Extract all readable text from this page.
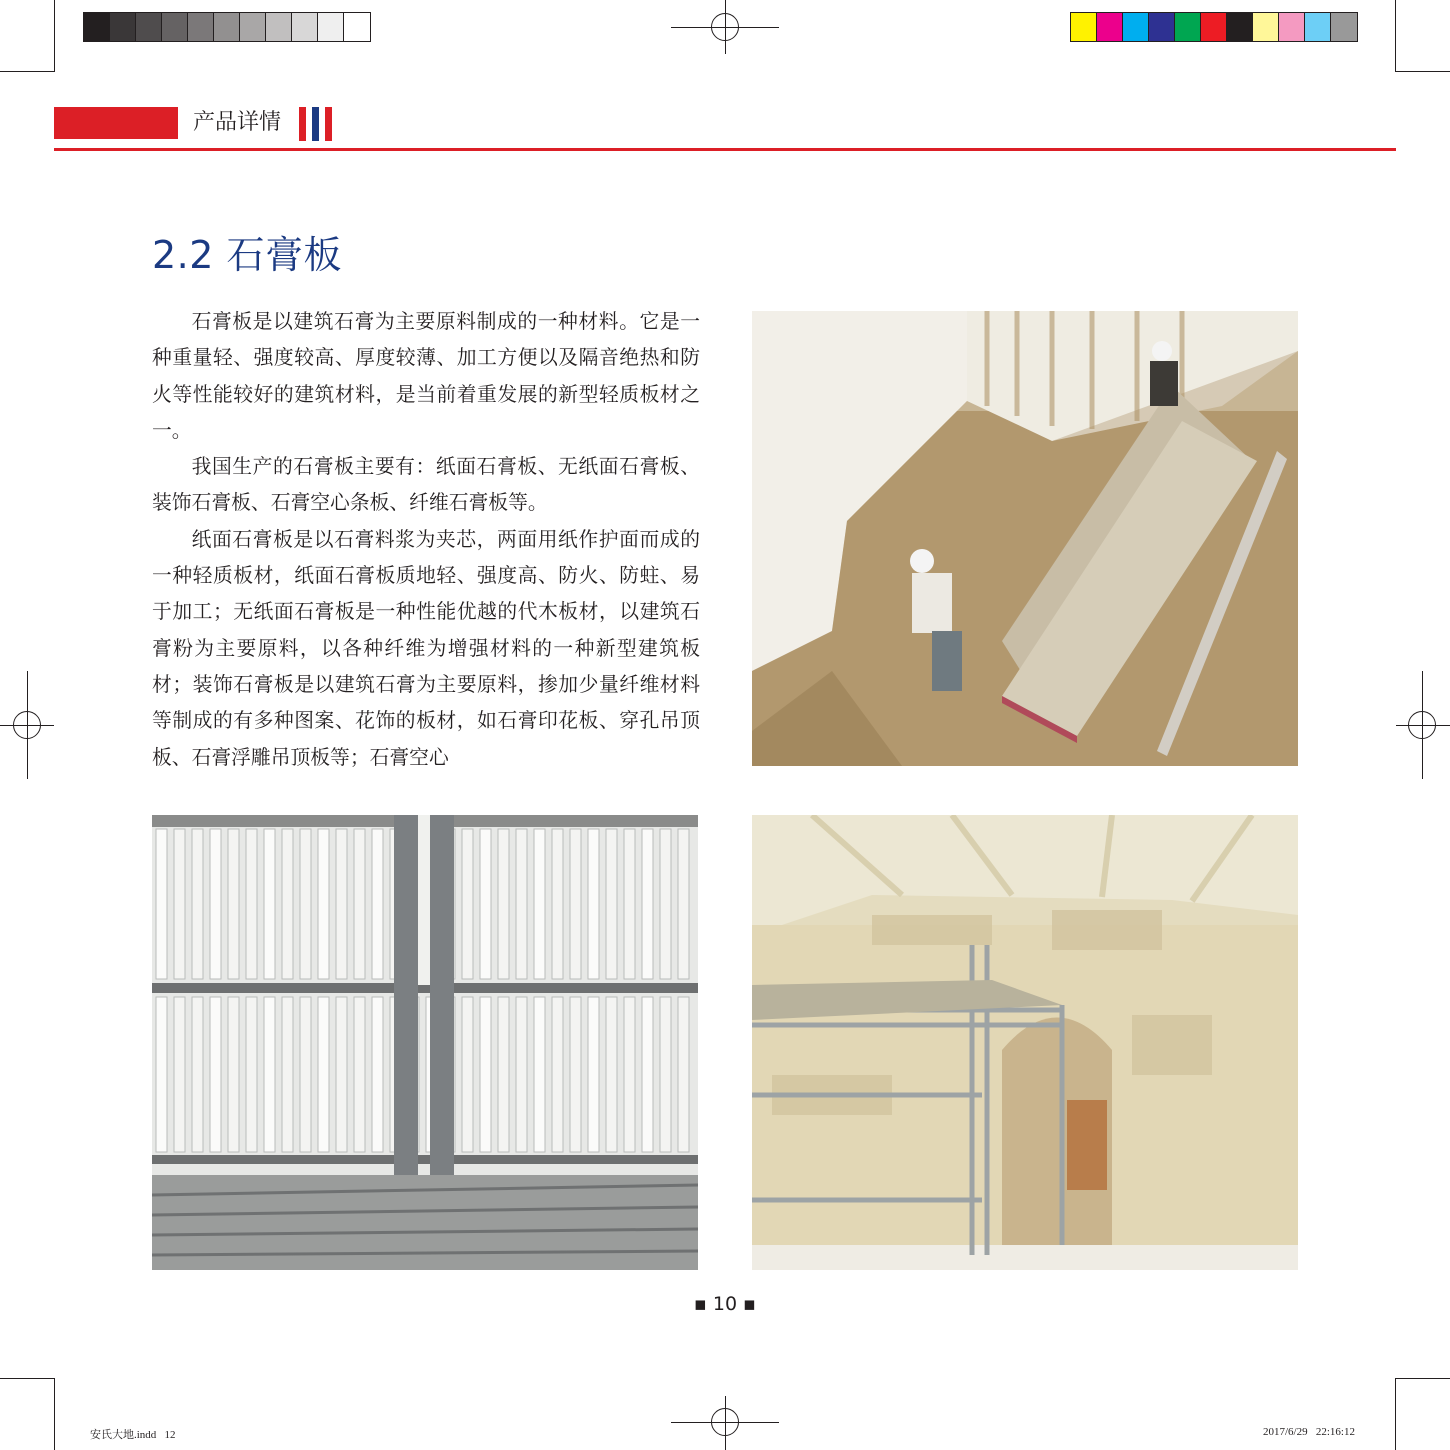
产品详情
2.2 石膏板

石膏板是以建筑石膏为主要原料制成的一种材料。它是一种重量轻、强度较高、厚度较薄、加工方便以及隔音绝热和防火等性能较好的建筑材料，是当前着重发展的新型轻质板材之一。

我国生产的石膏板主要有：纸面石膏板、无纸面石膏板、装饰石膏板、石膏空心条板、纤维石膏板等。

纸面石膏板是以石膏料浆为夹芯，两面用纸作护面而成的一种轻质板材，纸面石膏板质地轻、强度高、防火、防蛀、易于加工；无纸面石膏板是一种性能优越的代木板材，以建筑石膏粉为主要原料，以各种纤维为增强材料的一种新型建筑板材；装饰石膏板是以建筑石膏为主要原料，掺加少量纤维材料等制成的有多种图案、花饰的板材，如石膏印花板、穿孔吊顶板、石膏浮雕吊顶板等；石膏空心

▪ 10 ▪
安氏大地.indd   12	2017/6/29   22:16:12
